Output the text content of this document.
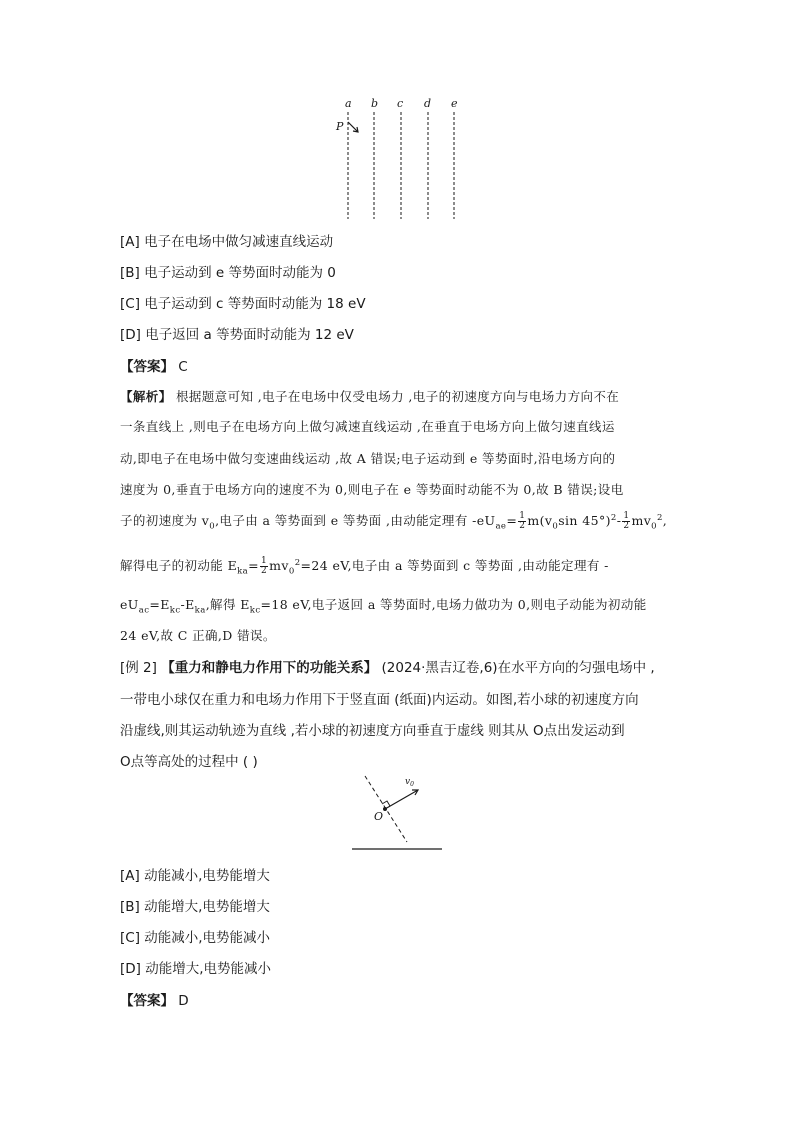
a b c d e
P
[A] 电子在电场中做匀减速直线运动
[B] 电子运动到 e 等势面时动能为 0
[C] 电子运动到 c 等势面时动能为 18 eV
[D] 电子返回 a 等势面时动能为 12 eV
【答案】 C
【解析】 根据题意可知 ,电子在电场中仅受电场力 ,电子的初速度方向与电场力方向不在
一条直线上 ,则电子在电场方向上做匀减速直线运动 ,在垂直于电场方向上做匀速直线运
动,即电子在电场中做匀变速曲线运动 ,故 A 错误;电子运动到 e 等势面时,沿电场方向的
速度为 0,垂直于电场方向的速度不为 0,则电子在 e 等势面时动能不为 0,故 B 错误;设电
子的初速度为 $v_0$,电子由 a 等势面到 e 等势面 ,由动能定理有 $-eU_{ae}= \frac{1}{2} m(v_0\sin$ $45^\circ)^2- \frac{1}{2} mv_0^2$,
解得电子的初动能 $E_{ka}= \frac{1}{2} mv_0^2=24$ eV,电子由 a 等势面到 c 等势面 ,由动能定理有 -
$eU_{ac}=E_{kc}-E_{ka}$,解得 $E_{kc}=18$ eV,电子返回 a 等势面时,电场力做功为 0,则电子动能为初动能
24 eV,故 C 正确,D 错误。
[例 2] 【重力和静电力作用下的功能关系】 (2024·黑吉辽卷,6)在水平方向的匀强电场中 ,
一带电小球仅在重力和电场力作用下于竖直面 (纸面)内运动。如图,若小球的初速度方向
沿虚线,则其运动轨迹为直线 ,若小球的初速度方向垂直于虚线 则其从 O点出发运动到
O点等高处的过程中 ( )
O
$v_0$
[A] 动能减小,电势能增大
[B] 动能增大,电势能增大
[C] 动能减小,电势能减小
[D] 动能增大,电势能减小
【答案】 D
